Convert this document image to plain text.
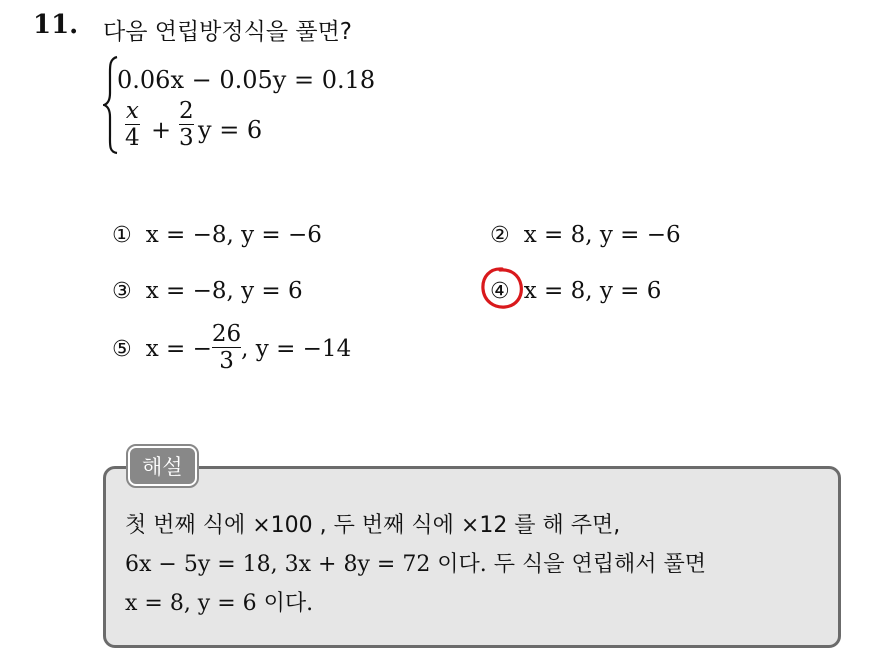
11. 다음 연립방정식을 풀면?
0.06x − 0.05y = 0.18
x
4 +
2
3 y = 6
① x = −8, y = −6	② x = 8, y = −6
③ x = −8, y = 6	④ x = 8, y = 6
⑤ x = − $\frac{26}{3}$ , y = −14
해설
첫 번째 식에 ×100 , 두 번째 식에 ×12 를 해 주면,
6x − 5y = 18, 3x + 8y = 72 이다. 두 식을 연립해서 풀면
x = 8, y = 6 이다.
